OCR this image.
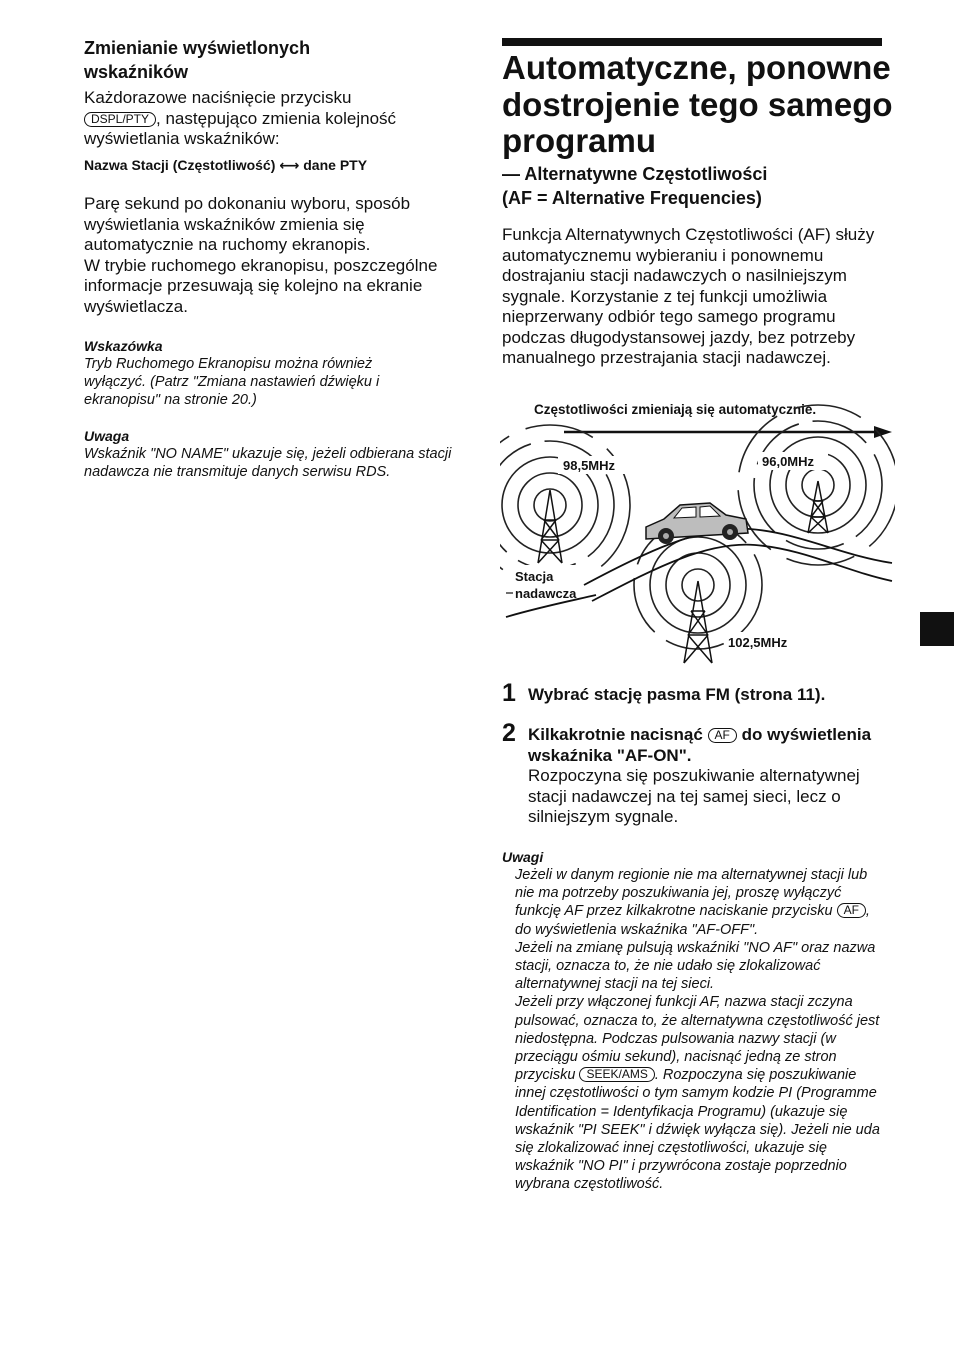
Zmienianie wyświetlonych wskaźników
Każdorazowe naciśnięcie przycisku
DSPL/PTY , następująco zmienia kolejność wyświetlania wskaźników:
Nazwa Stacji (Częstotliwość) ⟷ dane PTY
Parę sekund po dokonaniu wyboru, sposób wyświetlania wskaźników zmienia się automatycznie na ruchomy ekranopis.
W trybie ruchomego ekranopisu, poszczególne informacje przesuwają się kolejno na ekranie wyświetlacza.
Wskazówka
Tryb Ruchomego Ekranopisu można również wyłączyć. (Patrz "Zmiana nastawień dźwięku i ekranopisu" na stronie 20.)
Uwaga
Wskaźnik "NO NAME" ukazuje się, jeżeli odbierana stacji nadawcza nie transmituje danych serwisu RDS.
Automatyczne, ponowne dostrojenie tego samego programu
— Alternatywne Częstotliwości
(AF = Alternative Frequencies)
Funkcja Alternatywnych Częstotliwości (AF) służy automatycznemu wybieraniu i ponownemu dostrajaniu stacji nadawczych o nasilniejszym sygnale. Korzystanie z tej funkcji umożliwia nieprzerwany odbiór tego samego programu podczas długodystansowej jazdy, bez potrzeby manualnego przestrajania stacji nadawczej.
Częstotliwości zmieniają się automatycznie.
98,5MHz	96,0MHz
102,5MHz
Stacja
nadawcza
1 Wybrać stację pasma FM (strona 11).
2 Kilkakrotnie nacisnąć AF do wyświetlenia wskaźnika "AF-ON".
Rozpoczyna się poszukiwanie alternatywnej stacji nadawczej na tej samej sieci, lecz o silniejszym sygnale.
Uwagi
Jeżeli w danym regionie nie ma alternatywnej stacji lub nie ma potrzeby poszukiwania jej, proszę wyłączyć funkcję AF przez kilkakrotne naciskanie przycisku AF , do wyświetlenia wskaźnika "AF-OFF".
Jeżeli na zmianę pulsują wskaźniki "NO AF" oraz nazwa stacji, oznacza to, że nie udało się zlokalizować alternatywnej stacji na tej sieci.
Jeżeli przy włączonej funkcji AF, nazwa stacji zczyna pulsować, oznacza to, że alternatywna częstotliwość jest niedostępna. Podczas pulsowania nazwy stacji (w przeciągu ośmiu sekund), nacisnąć jedną ze stron przycisku SEEK/AMS . Rozpoczyna się poszukiwanie innej częstotliwości o tym samym kodzie PI (Programme Identification = Identyfikacja Programu) (ukazuje się wskaźnik "PI SEEK" i dźwięk wyłącza się). Jeżeli nie uda się zlokalizować innej częstotliwości, ukazuje się wskaźnik "NO PI" i przywrócona zostaje poprzednio wybrana częstotliwość.
